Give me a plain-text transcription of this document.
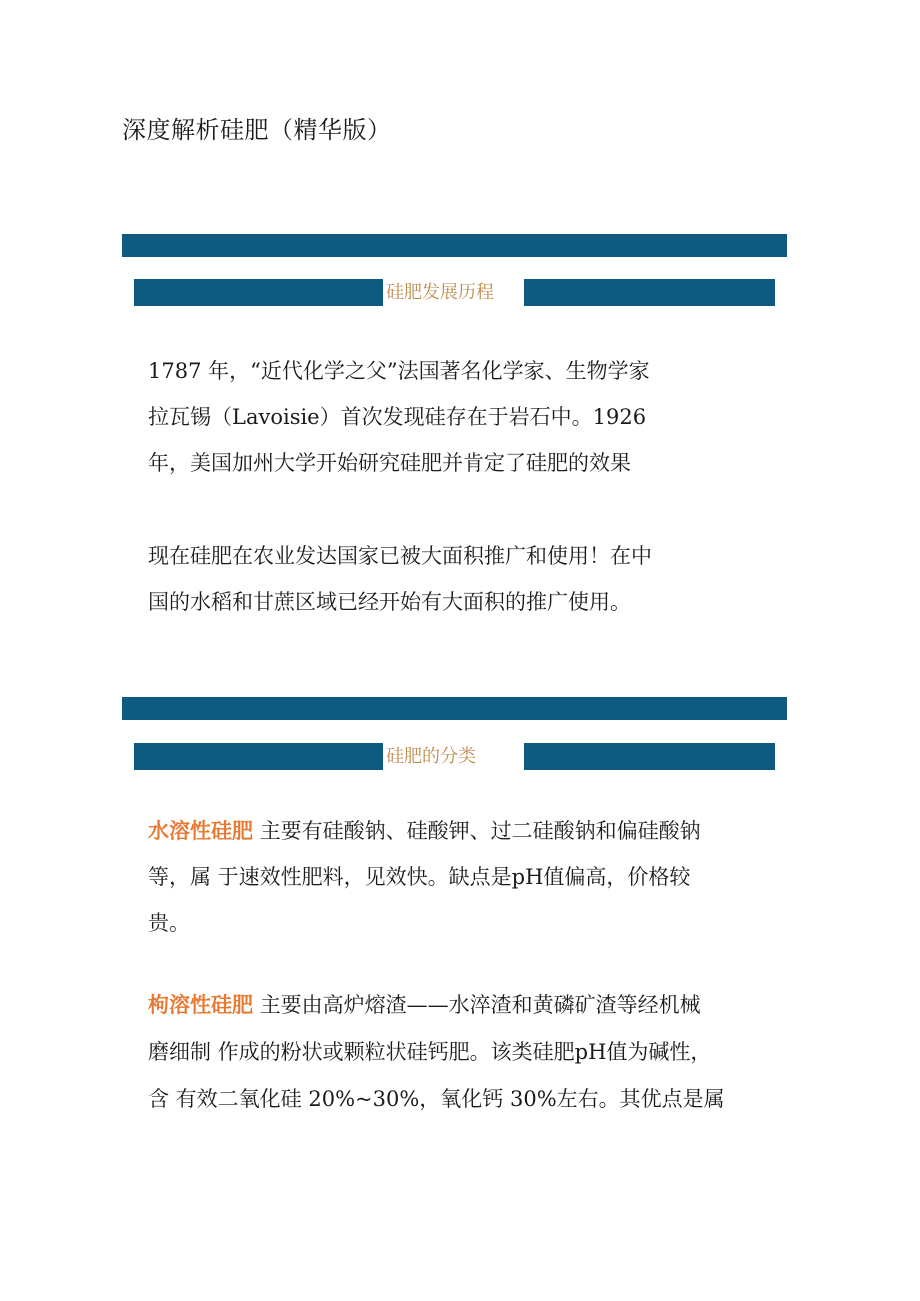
深度解析硅肥（精华版）
硅肥发展历程
1787 年，“近代化学之父”法国著名化学家、生物学家
拉瓦锡（Lavoisie）首次发现硅存在于岩石中。1926
年，美国加州大学开始研究硅肥并肯定了硅肥的效果
现在硅肥在农业发达国家已被大面积推广和使用！在中
国的水稻和甘蔗区域已经开始有大面积的推广使用。
硅肥的分类
水溶性硅肥 主要有硅酸钠、硅酸钾、过二硅酸钠和偏硅酸钠
等，属 于速效性肥料，见效快。缺点是pH值偏高，价格较
贵。
枸溶性硅肥 主要由高炉熔渣——水淬渣和黄磷矿渣等经机械
磨细制 作成的粉状或颗粒状硅钙肥。该类硅肥pH值为碱性，
含 有效二氧化硅 20%~30%，氧化钙 30%左右。其优点是属
